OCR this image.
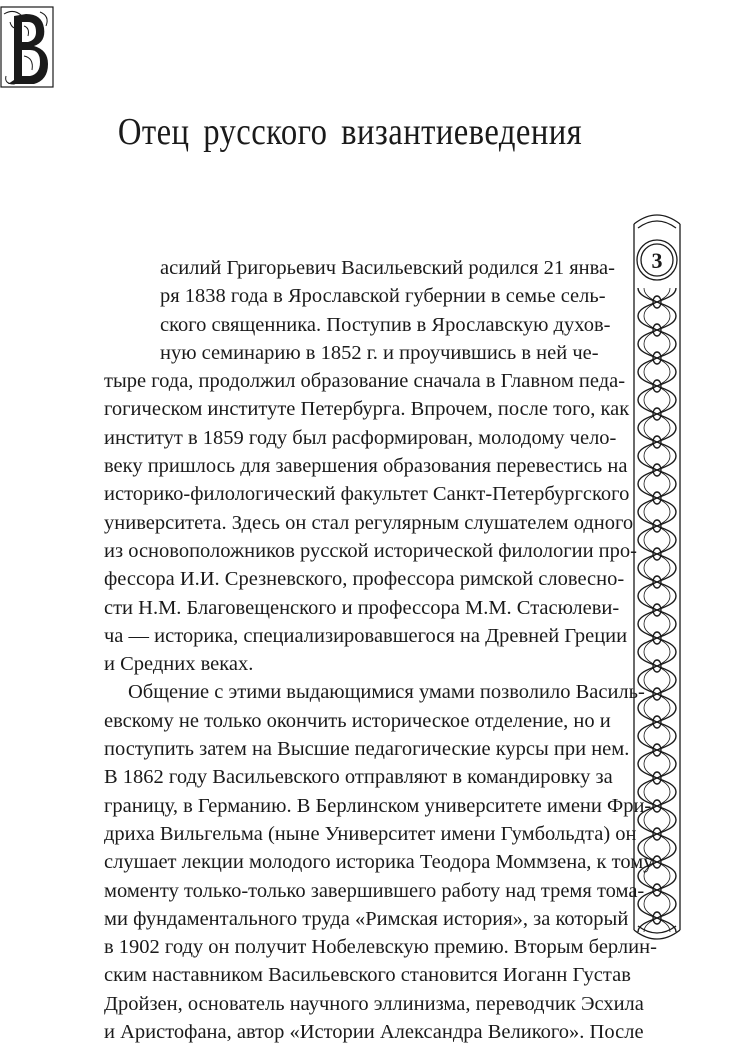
Отец русского византиеведения
асилий Григорьевич Васильевский родился 21 янва-
ря 1838 года в Ярославской губернии в семье сель-
ского священника. Поступив в Ярославскую духов-
ную семинарию в 1852 г. и проучившись в ней че-
тыре года, продолжил образование сначала в Главном педа-
гогическом институте Петербурга. Впрочем, после того, как
институт в 1859 году был расформирован, молодому чело-
веку пришлось для завершения образования перевестись на
историко-филологический факультет Санкт-Петербургского
университета. Здесь он стал регулярным слушателем одного
из основоположников русской исторической филологии про-
фессора И.И. Срезневского, профессора римской словесно-
сти Н.М. Благовещенского и профессора М.М. Стасюлеви-
ча — историка, специализировавшегося на Древней Греции
и Средних веках.
Общение с этими выдающимися умами позволило Василь-
евскому не только окончить историческое отделение, но и
поступить затем на Высшие педагогические курсы при нем.
В 1862 году Васильевского отправляют в командировку за
границу, в Германию. В Берлинском университете имени Фри-
дриха Вильгельма (ныне Университет имени Гумбольдта) он
слушает лекции молодого историка Теодора Моммзена, к тому
моменту только-только завершившего работу над тремя тома-
ми фундаментального труда «Римская история», за который
в 1902 году он получит Нобелевскую премию. Вторым берлин-
ским наставником Васильевского становится Иоганн Густав
Дройзен, основатель научного эллинизма, переводчик Эсхила
и Аристофана, автор «Истории Александра Великого». После
3
